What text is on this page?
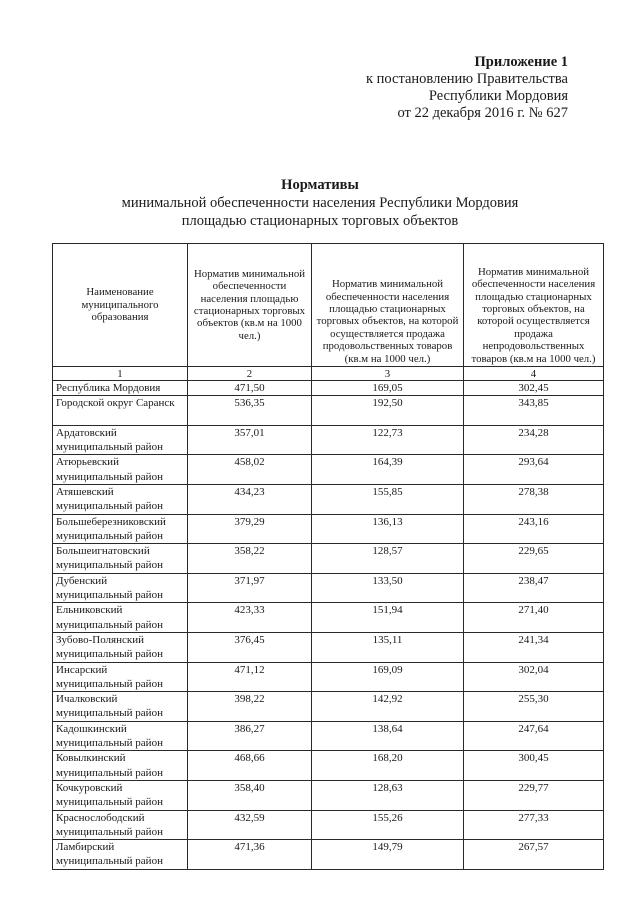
Приложение 1
к постановлению Правительства
Республики Мордовия
от 22 декабря 2016 г. № 627
Нормативы
минимальной обеспеченности населения Республики Мордовия
площадью стационарных торговых объектов
Наименование муниципального образования	Норматив минимальной обеспеченности населения площадью стационарных торговых объектов (кв.м на 1000 чел.)	Норматив минимальной обеспеченности населения площадью стационарных торговых объектов, на которой осуществляется продажа продовольственных товаров (кв.м на 1000 чел.)	Норматив минимальной обеспеченности населения площадью стационарных торговых объектов, на которой осуществляется продажа непродовольственных товаров (кв.м на 1000 чел.)
1	2	3	4
Республика Мордовия	471,50	169,05	302,45
Городской округ Саранск	536,35	192,50	343,85
Ардатовский муниципальный район	357,01	122,73	234,28
Атюрьевский муниципальный район	458,02	164,39	293,64
Атяшевский муниципальный район	434,23	155,85	278,38
Большеберезниковский муниципальный район	379,29	136,13	243,16
Большеигнатовский муниципальный район	358,22	128,57	229,65
Дубенский муниципальный район	371,97	133,50	238,47
Ельниковский муниципальный район	423,33	151,94	271,40
Зубово-Полянский муниципальный район	376,45	135,11	241,34
Инсарский муниципальный район	471,12	169,09	302,04
Ичалковский муниципальный район	398,22	142,92	255,30
Кадошкинский муниципальный район	386,27	138,64	247,64
Ковылкинский муниципальный район	468,66	168,20	300,45
Кочкуровский муниципальный район	358,40	128,63	229,77
Краснослободский муниципальный район	432,59	155,26	277,33
Ламбирский муниципальный район	471,36	149,79	267,57
